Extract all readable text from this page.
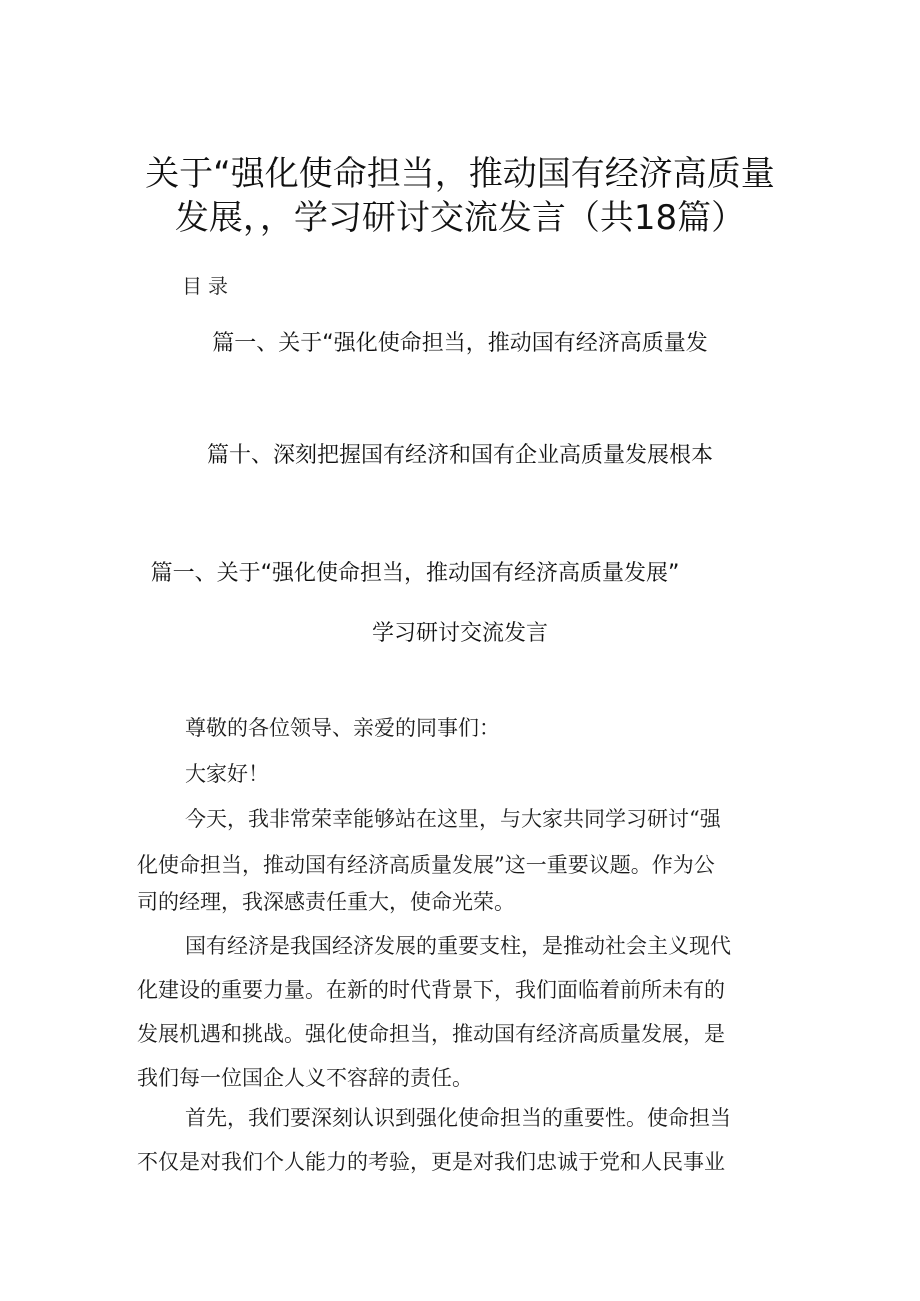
关于“强化使命担当，推动国有经济高质量
发展，，学习研讨交流发言（共18篇）
目录
篇一、关于“强化使命担当，推动国有经济高质量发
篇十、深刻把握国有经济和国有企业高质量发展根本
篇一、关于“强化使命担当，推动国有经济高质量发展”
学习研讨交流发言
尊敬的各位领导、亲爱的同事们：
大家好！
今天，我非常荣幸能够站在这里，与大家共同学习研讨“强
化使命担当，推动国有经济高质量发展”这一重要议题。作为公
司的经理，我深感责任重大，使命光荣。
国有经济是我国经济发展的重要支柱，是推动社会主义现代
化建设的重要力量。在新的时代背景下，我们面临着前所未有的
发展机遇和挑战。强化使命担当，推动国有经济高质量发展，是
我们每一位国企人义不容辞的责任。
首先，我们要深刻认识到强化使命担当的重要性。使命担当
不仅是对我们个人能力的考验，更是对我们忠诚于党和人民事业
